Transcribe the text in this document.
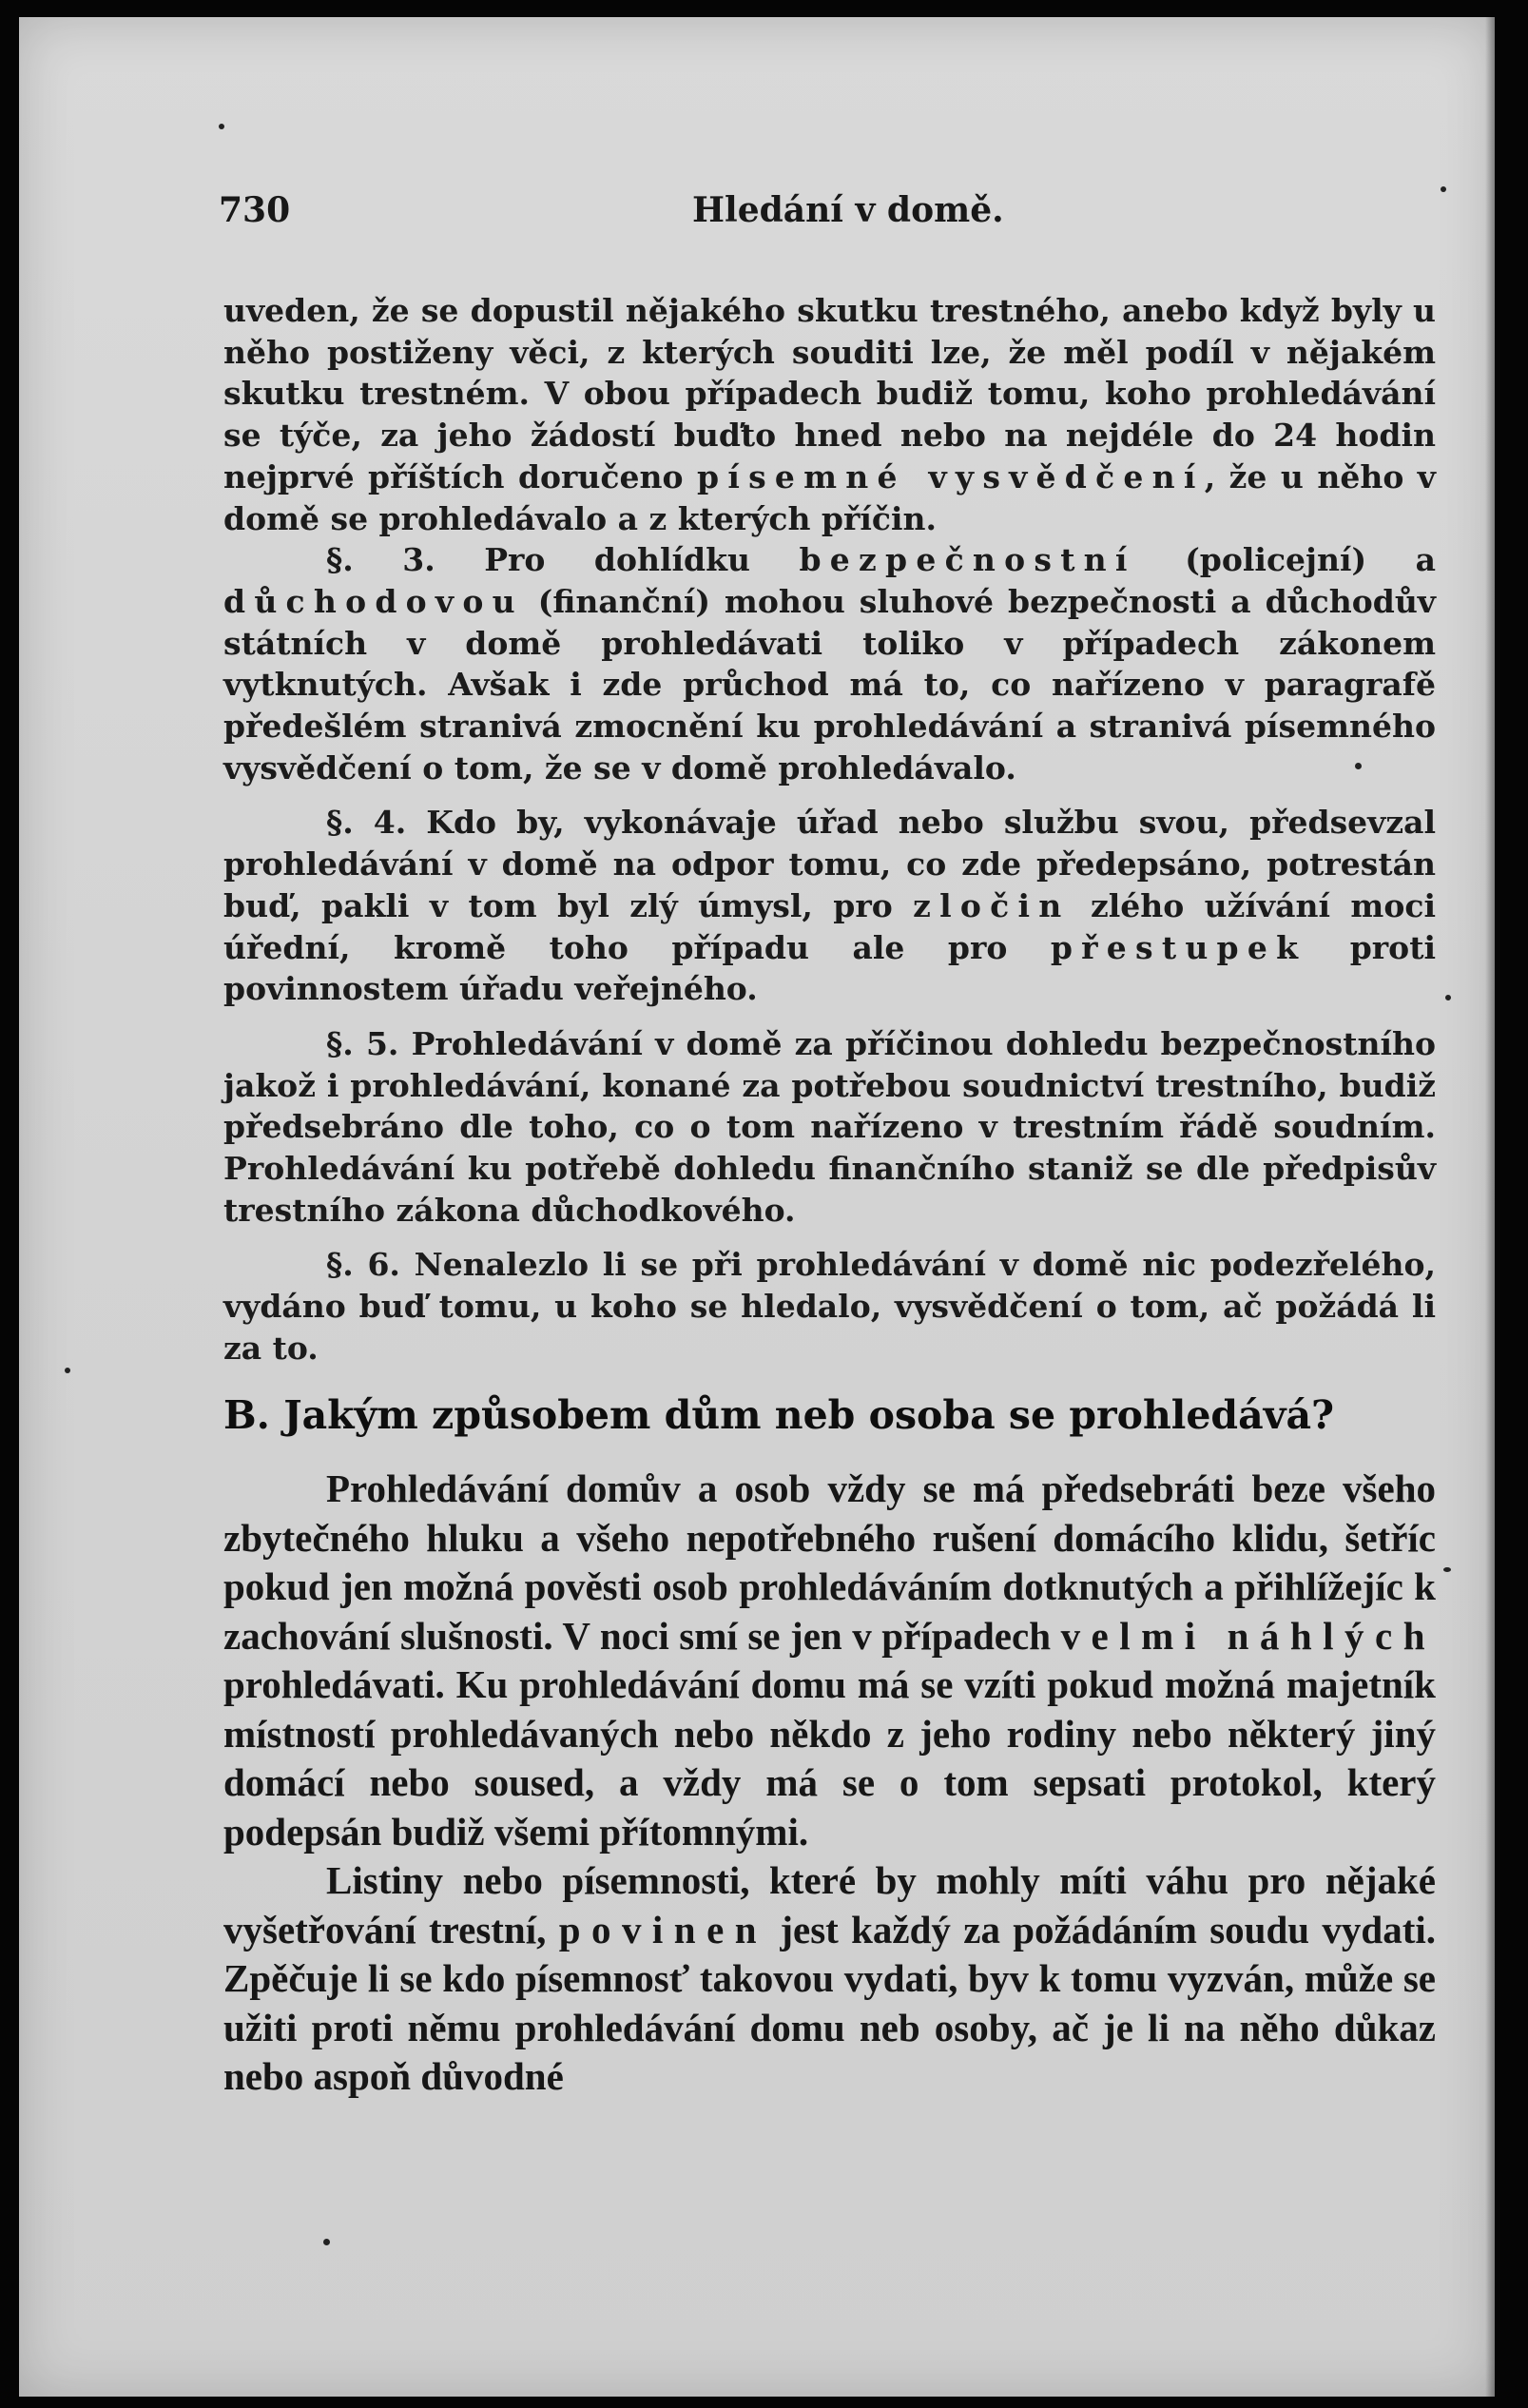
730	Hledání v domě.

uveden, že se dopustil nějakého skutku trestného, anebo když byly u něho postiženy věci, z kterých souditi lze, že měl podíl v nějakém skutku trestném. V obou případech budiž tomu, koho prohledávání se týče, za jeho žádostí buďto hned nebo na nejdéle do 24 hodin nejprvé příštích doručeno písemné vysvědčení, že u něho v domě se prohledávalo a z kterých příčin.

§. 3. Pro dohlídku bezpečnostní (policejní) a důchodovou (finanční) mohou sluhové bezpečnosti a důchodův státních v domě prohledávati toliko v případech zákonem vytknutých. Avšak i zde průchod má to, co nařízeno v paragrafě předešlém stranivá zmocnění ku prohledávání a stranivá písemného vysvědčení o tom, že se v domě prohledávalo.

§. 4. Kdo by, vykonávaje úřad nebo službu svou, předsevzal prohledávání v domě na odpor tomu, co zde předepsáno, potrestán buď, pakli v tom byl zlý úmysl, pro zločin zlého užívání moci úřední, kromě toho případu ale pro přestupek proti povinnostem úřadu veřejného.

§. 5. Prohledávání v domě za příčinou dohledu bezpečnostního jakož i prohledávání, konané za potřebou soudnictví trestního, budiž předsebráno dle toho, co o tom nařízeno v trestním řádě soudním. Prohledávání ku potřebě dohledu finančního staniž se dle předpisův trestního zákona důchodkového.

§. 6. Nenalezlo li se při prohledávání v domě nic podezřelého, vydáno buď tomu, u koho se hledalo, vysvědčení o tom, ač požádá li za to.

B. Jakým způsobem dům neb osoba se prohledává?

Prohledávání domův a osob vždy se má předsebráti beze všeho zbytečného hluku a všeho nepotřebného rušení domácího klidu, šetříc pokud jen možná pověsti osob prohledáváním dotknutých a přihlížejíc k zachování slušnosti. V noci smí se jen v případech velmi náhlých prohledávati. Ku prohledávání domu má se vzíti pokud možná majetník místností prohledávaných nebo někdo z jeho rodiny nebo některý jiný domácí nebo soused, a vždy má se o tom sepsati protokol, který podepsán budiž všemi přítomnými.

Listiny nebo písemnosti, které by mohly míti váhu pro nějaké vyšetřování trestní, povinen jest každý za požádáním soudu vydati. Zpěčuje li se kdo písemnosť takovou vydati, byv k tomu vyzván, může se užiti proti němu prohledávání domu neb osoby, ač je li na něho důkaz nebo aspoň důvodné
